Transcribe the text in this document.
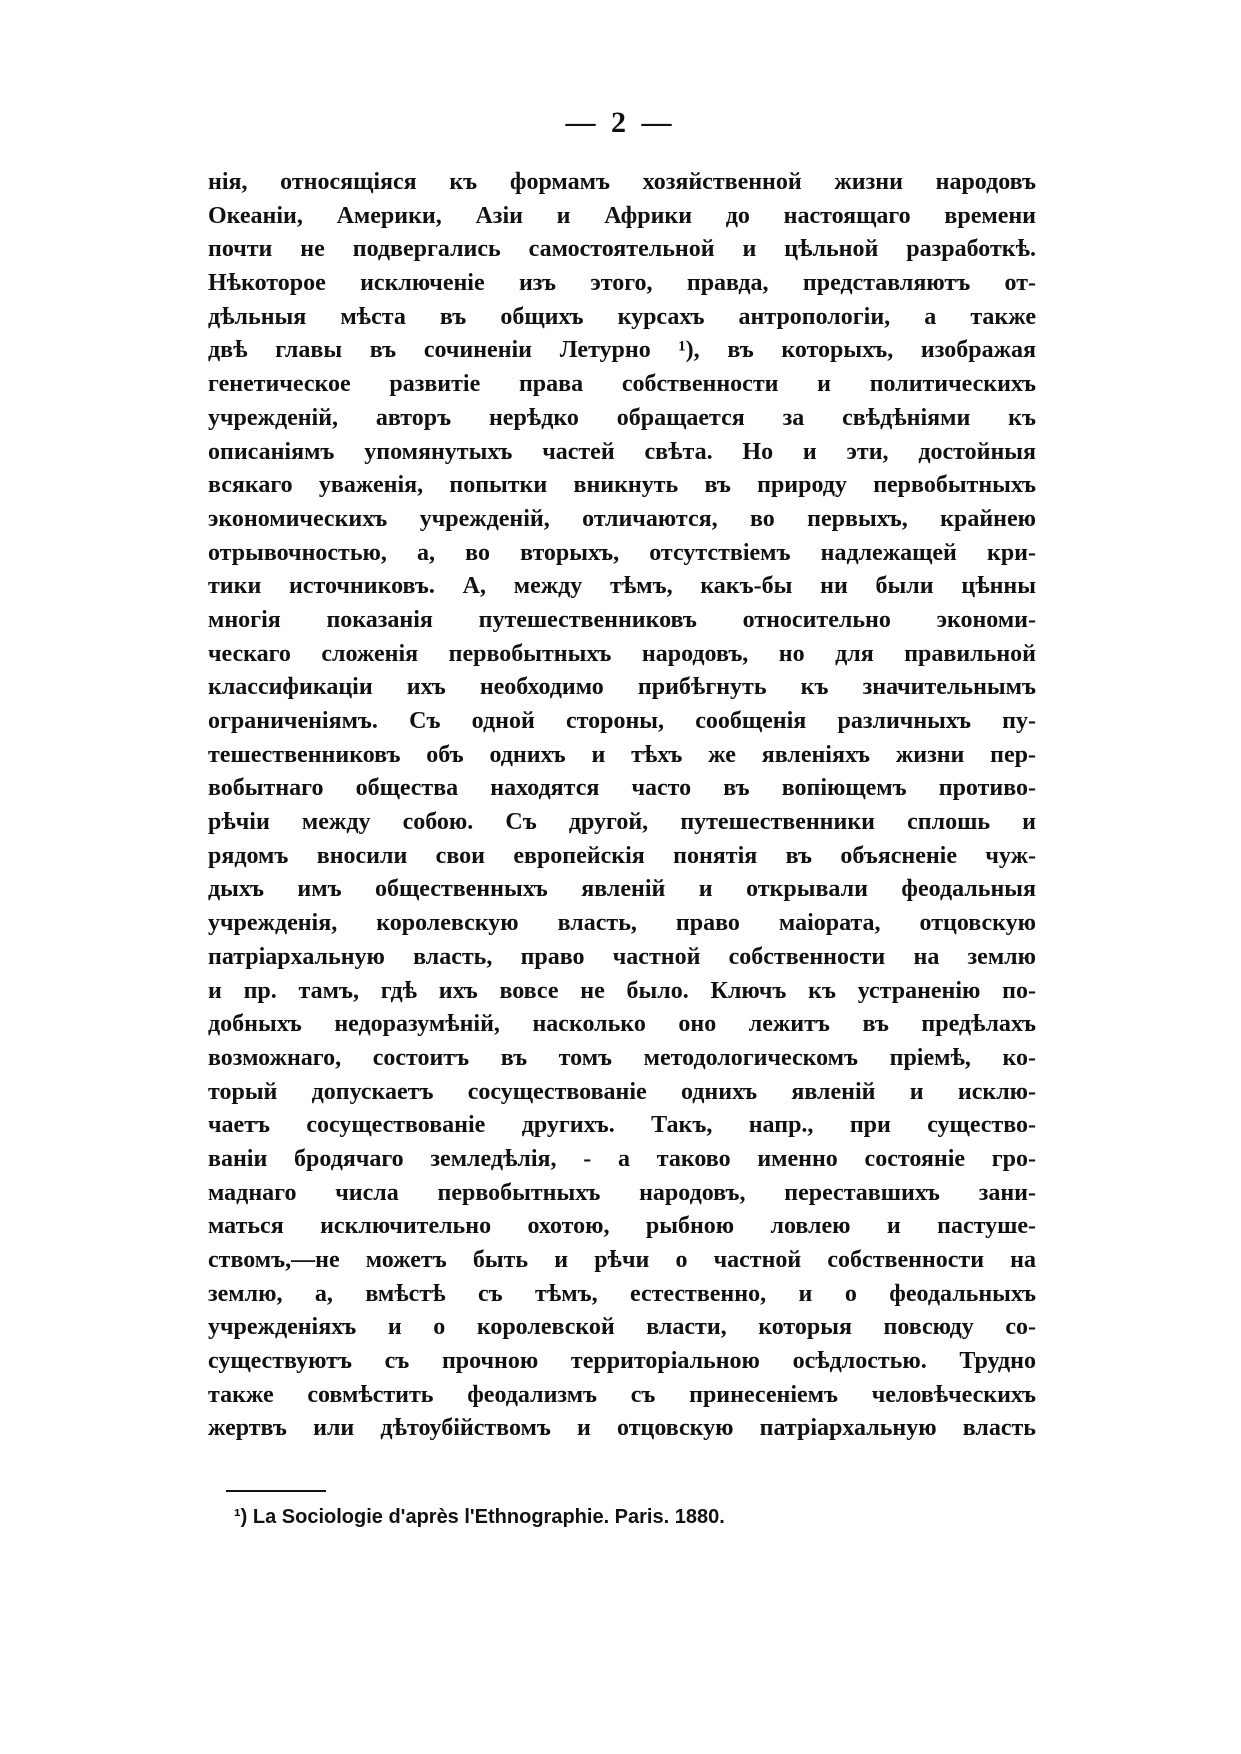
— 2 —
нія, относящіяся къ формамъ хозяйственной жизни народовъ
Океаніи, Америки, Азіи и Африки до настоящаго времени
почти не подвергались самостоятельной и цѣльной разработкѣ.
Нѣкоторое исключеніе изъ этого, правда, представляютъ от-
дѣльныя мѣста въ общихъ курсахъ антропологіи, а также
двѣ главы въ сочиненіи Летурно ¹), въ которыхъ, изображая
генетическое развитіе права собственности и политическихъ
учрежденій, авторъ нерѣдко обращается за свѣдѣніями къ
описаніямъ упомянутыхъ частей свѣта. Но и эти, достойныя
всякаго уваженія, попытки вникнуть въ природу первобытныхъ
экономическихъ учрежденій, отличаются, во первыхъ, крайнею
отрывочностью, а, во вторыхъ, отсутствіемъ надлежащей кри-
тики источниковъ. А, между тѣмъ, какъ-бы ни были цѣнны
многія показанія путешественниковъ относительно экономи-
ческаго сложенія первобытныхъ народовъ, но для правильной
классификаціи ихъ необходимо прибѣгнуть къ значительнымъ
ограниченіямъ. Съ одной стороны, сообщенія различныхъ пу-
тешественниковъ объ однихъ и тѣхъ же явленіяхъ жизни пер-
вобытнаго общества находятся часто въ вопіющемъ противо-
рѣчіи между собою. Съ другой, путешественники сплошь и
рядомъ вносили свои европейскія понятія въ объясненіе чуж-
дыхъ имъ общественныхъ явленій и открывали феодальныя
учрежденія, королевскую власть, право маіората, отцовскую
патріархальную власть, право частной собственности на землю
и пр. тамъ, гдѣ ихъ вовсе не было. Ключъ къ устраненію по-
добныхъ недоразумѣній, насколько оно лежитъ въ предѣлахъ
возможнаго, состоитъ въ томъ методологическомъ пріемѣ, ко-
торый допускаетъ сосуществованіе однихъ явленій и исклю-
чаетъ сосуществованіе другихъ. Такъ, напр., при существо-
ваніи бродячаго земледѣлія, - а таково именно состояніе гро-
маднаго числа первобытныхъ народовъ, переставшихъ зани-
маться исключительно охотою, рыбною ловлею и пастуше-
ствомъ,—не можетъ быть и рѣчи о частной собственности на
землю, а, вмѣстѣ съ тѣмъ, естественно, и о феодальныхъ
учрежденіяхъ и о королевской власти, которыя повсюду со-
существуютъ съ прочною территоріальною осѣдлостью. Трудно
также совмѣстить феодализмъ съ принесеніемъ человѣческихъ
жертвъ или дѣтоубійствомъ и отцовскую патріархальную власть
¹) La Sociologie d'après l'Ethnographie. Paris. 1880.
